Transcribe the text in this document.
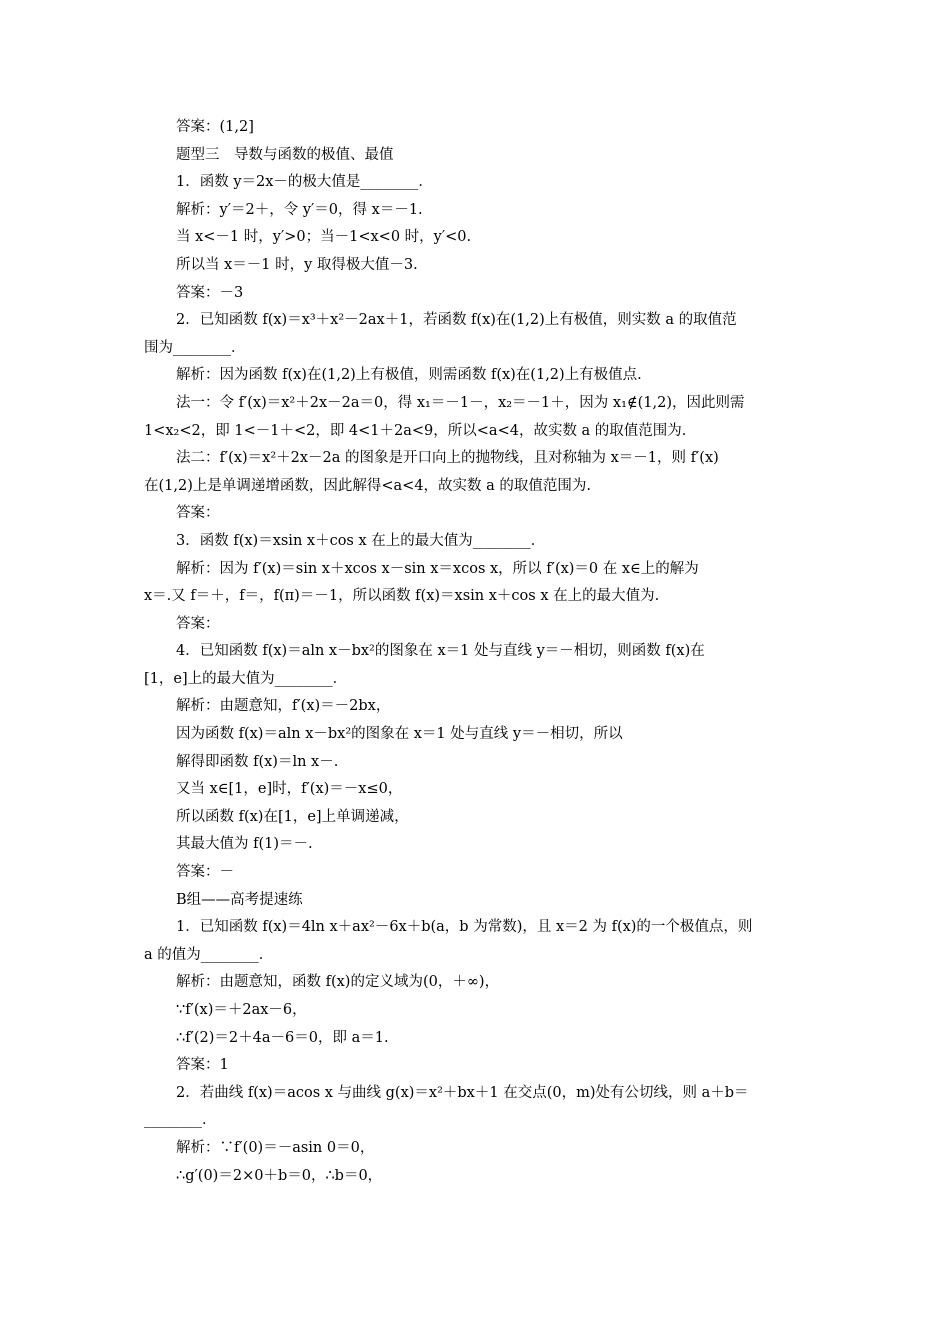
答案：(1,2]
题型三　导数与函数的极值、最值
1．函数 y＝2x－的极大值是________．
解析：y′＝2＋，令 y′＝0，得 x＝－1.
当 x<－1 时，y′>0；当－1<x<0 时，y′<0.
所以当 x＝－1 时，y 取得极大值－3.
答案：－3
2．已知函数 f(x)＝x³＋x²－2ax＋1，若函数 f(x)在(1,2)上有极值，则实数 a 的取值范
围为________．
解析：因为函数 f(x)在(1,2)上有极值，则需函数 f(x)在(1,2)上有极值点.
法一：令 f′(x)＝x²＋2x－2a＝0，得 x₁＝－1－，x₂＝－1＋，因为 x₁∉(1,2)，因此则需
1<x₂<2，即 1<－1＋<2，即 4<1＋2a<9，所以<a<4，故实数 a 的取值范围为.
法二：f′(x)＝x²＋2x－2a 的图象是开口向上的抛物线，且对称轴为 x＝－1，则 f′(x)
在(1,2)上是单调递增函数，因此解得<a<4，故实数 a 的取值范围为.
答案：
3．函数 f(x)＝xsin x＋cos x 在上的最大值为________．
解析：因为 f′(x)＝sin x＋xcos x－sin x＝xcos x，所以 f′(x)＝0 在 x∈上的解为
x＝.又 f＝＋，f＝，f(π)＝－1，所以函数 f(x)＝xsin x＋cos x 在上的最大值为.
答案：
4．已知函数 f(x)＝aln x－bx²的图象在 x＝1 处与直线 y＝－相切，则函数 f(x)在
[1，e]上的最大值为________．
解析：由题意知，f′(x)＝－2bx，
因为函数 f(x)＝aln x－bx²的图象在 x＝1 处与直线 y＝－相切，所以
解得即函数 f(x)＝ln x－.
又当 x∈[1，e]时，f′(x)＝－x≤0，
所以函数 f(x)在[1，e]上单调递减，
其最大值为 f(1)＝－.
答案：－
B组——高考提速练
1．已知函数 f(x)＝4ln x＋ax²－6x＋b(a，b 为常数)，且 x＝2 为 f(x)的一个极值点，则
a 的值为________．
解析：由题意知，函数 f(x)的定义域为(0，＋∞)，
∵f′(x)＝＋2ax－6，
∴f′(2)＝2＋4a－6＝0，即 a＝1.
答案：1
2．若曲线 f(x)＝acos x 与曲线 g(x)＝x²＋bx＋1 在交点(0，m)处有公切线，则 a＋b＝
________．
解析：∵f′(0)＝－asin 0＝0，
∴g′(0)＝2×0＋b＝0，∴b＝0，
